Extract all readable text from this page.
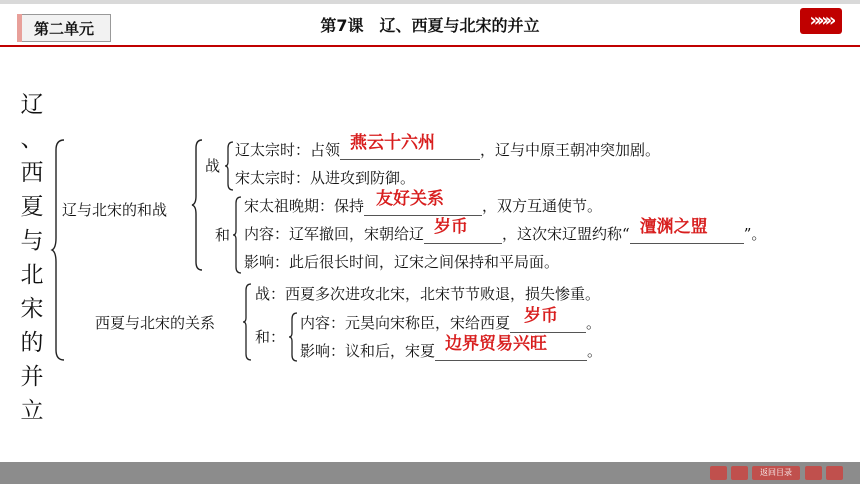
第二单元	第7课　辽、西夏与北宋的并立	»»»
辽
、
西
夏
与
北
宋
的
并
立
辽与北宋的和战
战
和
辽太宗时：占领 燕云十六州	，辽与中原王朝冲突加剧。
宋太宗时：从进攻到防御。
宋太祖晚期：保持 友好关系	，双方互通使节。
内容：辽军撤回，宋朝给辽 岁币 ，这次宋辽盟约称“ 澶渊之盟 ”。
影响：此后很长时间，辽宋之间保持和平局面。
西夏与北宋的关系
战：西夏多次进攻北宋，北宋节节败退，损失惨重。
和：
内容：元昊向宋称臣，宋给西夏 岁币 。
影响：议和后，宋夏 边界贸易兴旺	。
返回目录
